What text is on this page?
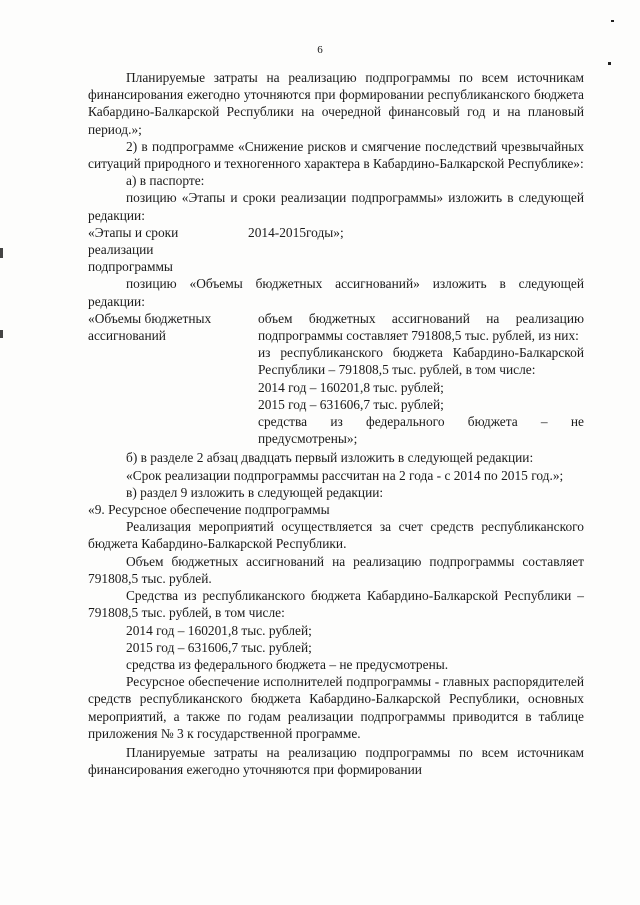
6

Планируемые затраты на реализацию подпрограммы по всем источникам финансирования ежегодно уточняются при формировании республиканского бюджета Кабардино-Балкарской Республики на очередной финансовый год и на плановый период.»;

2) в подпрограмме «Снижение рисков и смягчение последствий чрезвычайных ситуаций природного и техногенного характера в Кабардино-Балкарской Республике»:

а) в паспорте:

позицию «Этапы и сроки реализации подпрограммы» изложить в следующей редакции:

«Этапы и сроки реализации подпрограммы

2014-2015годы»;

позицию «Объемы бюджетных ассигнований» изложить в следующей редакции:

«Объемы бюджетных ассигнований

объем бюджетных ассигнований на реализацию подпрограммы составляет 791808,5 тыс. рублей, из них:

из республиканского бюджета Кабардино-Балкарской Республики – 791808,5 тыс. рублей, в том числе:

2014 год – 160201,8 тыс. рублей;

2015 год – 631606,7 тыс. рублей;

средства из федерального бюджета – не предусмотрены»;

б) в разделе 2 абзац двадцать первый изложить в следующей редакции:

«Срок реализации подпрограммы рассчитан на 2 года - с 2014 по 2015 год.»;

в) раздел 9 изложить в следующей редакции:

«9. Ресурсное обеспечение подпрограммы

Реализация мероприятий осуществляется за счет средств республиканского бюджета Кабардино-Балкарской Республики.

Объем бюджетных ассигнований на реализацию подпрограммы составляет 791808,5 тыс. рублей.

Средства из республиканского бюджета Кабардино-Балкарской Республики – 791808,5 тыс. рублей, в том числе:

2014 год – 160201,8 тыс. рублей;

2015 год – 631606,7 тыс. рублей;

средства из федерального бюджета – не предусмотрены.

Ресурсное обеспечение исполнителей подпрограммы - главных распорядителей средств республиканского бюджета Кабардино-Балкарской Республики, основных мероприятий, а также по годам реализации подпрограммы приводится в таблице приложения № 3 к государственной программе.

Планируемые затраты на реализацию подпрограммы по всем источникам финансирования ежегодно уточняются при формировании
